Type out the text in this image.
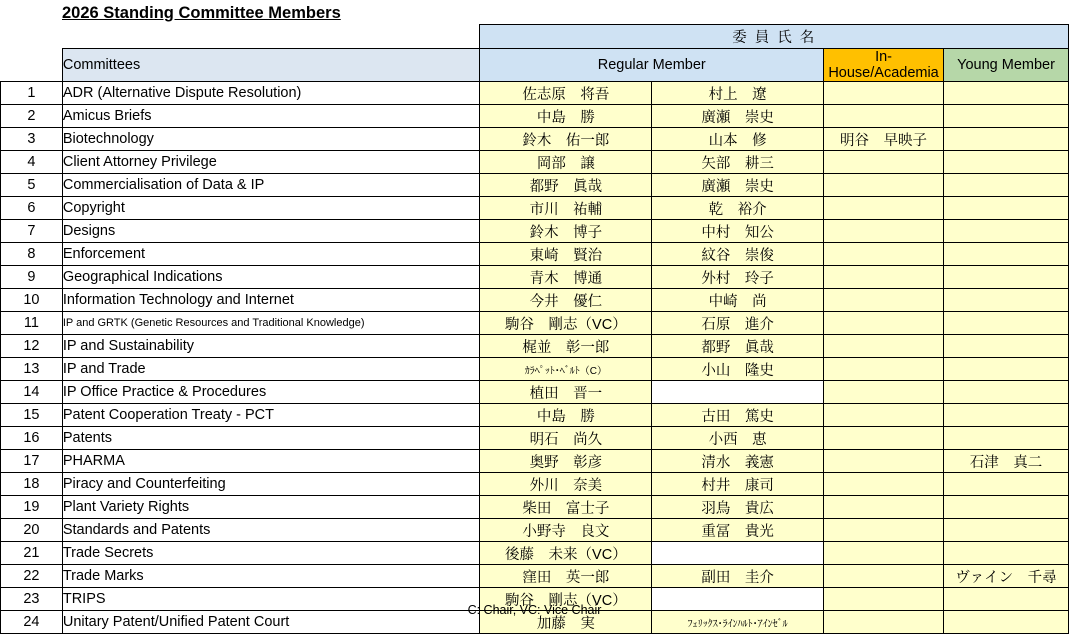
2026 Standing Committee Members
		委 員 氏 名			
	Committees	Regular Member		In-House/Academia	Young Member
1	ADR (Alternative Dispute Resolution)	佐志原　将吾	村上　遼		
2	Amicus Briefs	中島　勝	廣瀬　崇史		
3	Biotechnology	鈴木　佑一郎	山本　修	明谷　早映子	
4	Client Attorney Privilege	岡部　譲	矢部　耕三		
5	Commercialisation of Data & IP	都野　眞哉	廣瀬　崇史		
6	Copyright	市川　祐輔	乾　裕介		
7	Designs	鈴木　博子	中村　知公		
8	Enforcement	東崎　賢治	紋谷　崇俊		
9	Geographical Indications	青木　博通	外村　玲子		
10	Information Technology and Internet	今井　優仁	中崎　尚		
11	IP and GRTK (Genetic Resources and Traditional Knowledge)	駒谷　剛志（VC）	石原　進介		
12	IP and Sustainability	梶並　彰一郎	都野　眞哉		
13	IP and Trade	ｶﾗﾍﾟｯﾄ･ﾍﾞﾙﾄ（C）	小山　隆史		
14	IP Office Practice & Procedures	植田　晋一			
15	Patent Cooperation Treaty - PCT	中島　勝	古田　篤史		
16	Patents	明石　尚久	小西　恵		
17	PHARMA	奥野　彰彦	清水　義憲		石津　真二
18	Piracy and Counterfeiting	外川　奈美	村井　康司		
19	Plant Variety Rights	柴田　富士子	羽鳥　貴広		
20	Standards and Patents	小野寺　良文	重冨　貴光		
21	Trade Secrets	後藤　未来（VC）			
22	Trade Marks	窪田　英一郎	副田　圭介		ヴァイン　千尋
23	TRIPS	駒谷　剛志（VC）			
24	Unitary Patent/Unified Patent Court	加藤　実	ﾌｪﾘｯｸｽ･ﾗｲﾝﾊﾙﾄ･ｱｲﾝｾﾞﾙ		
C: Chair, VC: Vice Chair
